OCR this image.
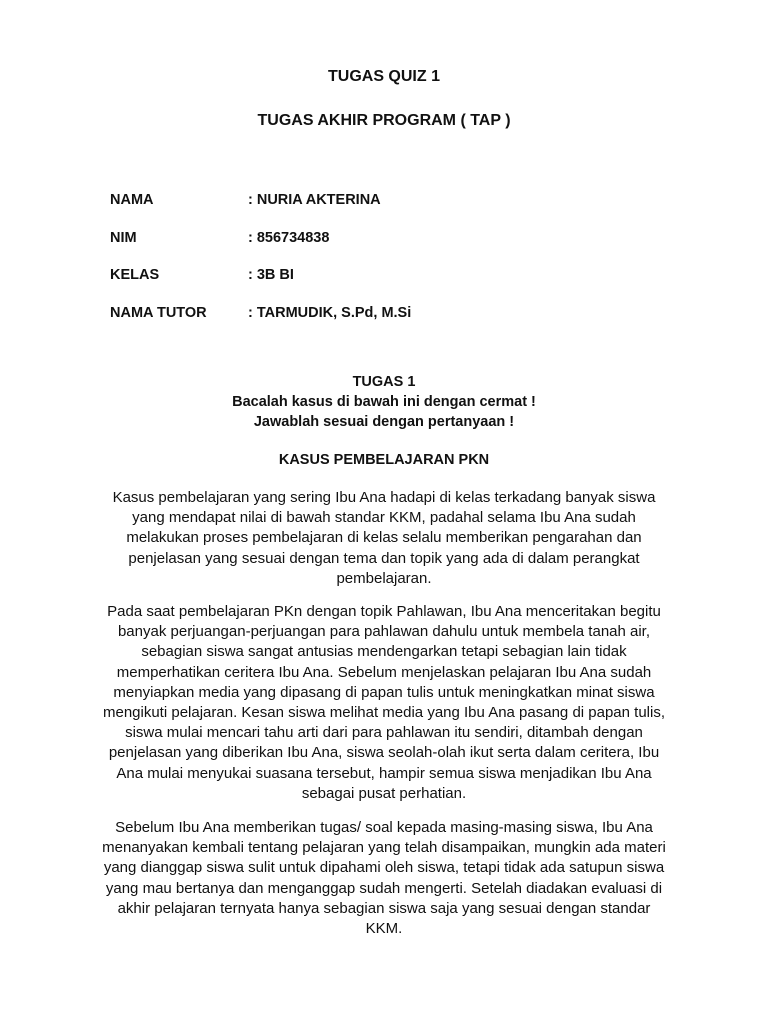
TUGAS QUIZ 1
TUGAS AKHIR PROGRAM ( TAP )
NAMA	: NURIA AKTERINA
NIM	: 856734838
KELAS	: 3B BI
NAMA TUTOR	: TARMUDIK, S.Pd, M.Si
TUGAS 1
Bacalah kasus di bawah ini dengan cermat !
Jawablah sesuai dengan pertanyaan !
KASUS PEMBELAJARAN PKN

Kasus pembelajaran yang sering Ibu Ana hadapi di kelas terkadang banyak siswa yang mendapat nilai di bawah standar KKM, padahal selama Ibu Ana sudah melakukan proses pembelajaran di kelas selalu memberikan pengarahan dan penjelasan yang sesuai dengan tema dan topik yang ada di dalam perangkat pembelajaran.

Pada saat pembelajaran PKn dengan topik Pahlawan, Ibu Ana menceritakan begitu banyak perjuangan-perjuangan para pahlawan dahulu untuk membela tanah air, sebagian siswa sangat antusias mendengarkan tetapi sebagian lain tidak memperhatikan ceritera Ibu Ana. Sebelum menjelaskan pelajaran Ibu Ana sudah menyiapkan media yang dipasang di papan tulis untuk meningkatkan minat siswa mengikuti pelajaran. Kesan siswa melihat media yang Ibu Ana pasang di papan tulis, siswa mulai mencari tahu arti dari para pahlawan itu sendiri, ditambah dengan penjelasan yang diberikan Ibu Ana, siswa seolah-olah ikut serta dalam ceritera, Ibu Ana mulai menyukai suasana tersebut, hampir semua siswa menjadikan Ibu Ana sebagai pusat perhatian.

Sebelum Ibu Ana memberikan tugas/ soal kepada masing-masing siswa, Ibu Ana menanyakan kembali tentang pelajaran yang telah disampaikan, mungkin ada materi yang dianggap siswa sulit untuk dipahami oleh siswa, tetapi tidak ada satupun siswa yang mau bertanya dan menganggap sudah mengerti. Setelah diadakan evaluasi di akhir pelajaran ternyata hanya sebagian siswa saja yang sesuai dengan standar KKM.
